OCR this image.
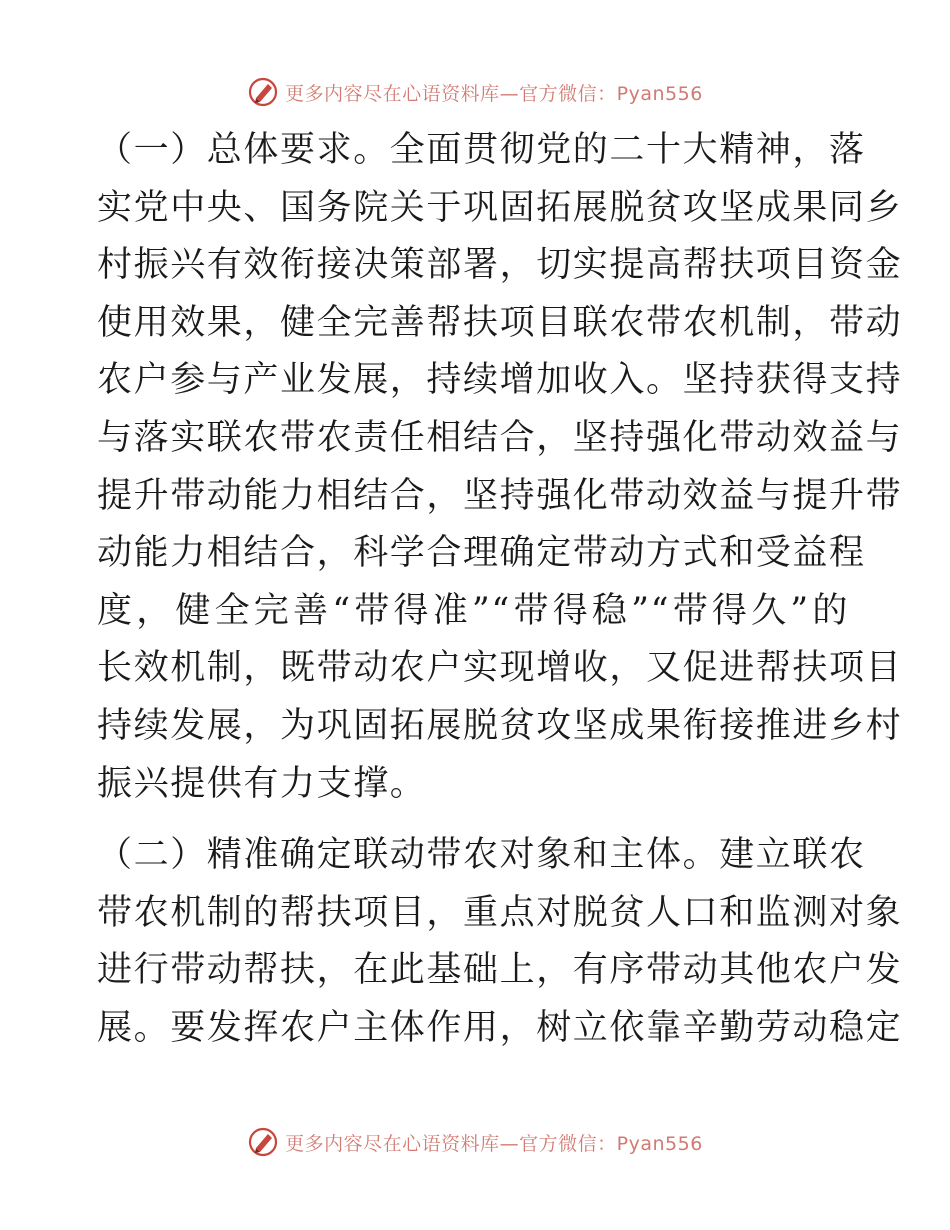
更多内容尽在心语资料库—官方微信：Pyan556

（一）总体要求。全面贯彻党的二十大精神，落
实党中央、国务院关于巩固拓展脱贫攻坚成果同乡
村振兴有效衔接决策部署，切实提高帮扶项目资金
使用效果，健全完善帮扶项目联农带农机制，带动
农户参与产业发展，持续增加收入。坚持获得支持
与落实联农带农责任相结合，坚持强化带动效益与
提升带动能力相结合，坚持强化带动效益与提升带
动能力相结合，科学合理确定带动方式和受益程
度，健全完善“带得准”“带得稳”“带得久”的
长效机制，既带动农户实现增收，又促进帮扶项目
持续发展，为巩固拓展脱贫攻坚成果衔接推进乡村
振兴提供有力支撑。

（二）精准确定联动带农对象和主体。建立联农
带农机制的帮扶项目，重点对脱贫人口和监测对象
进行带动帮扶，在此基础上，有序带动其他农户发
展。要发挥农户主体作用，树立依靠辛勤劳动稳定

更多内容尽在心语资料库—官方微信：Pyan556
